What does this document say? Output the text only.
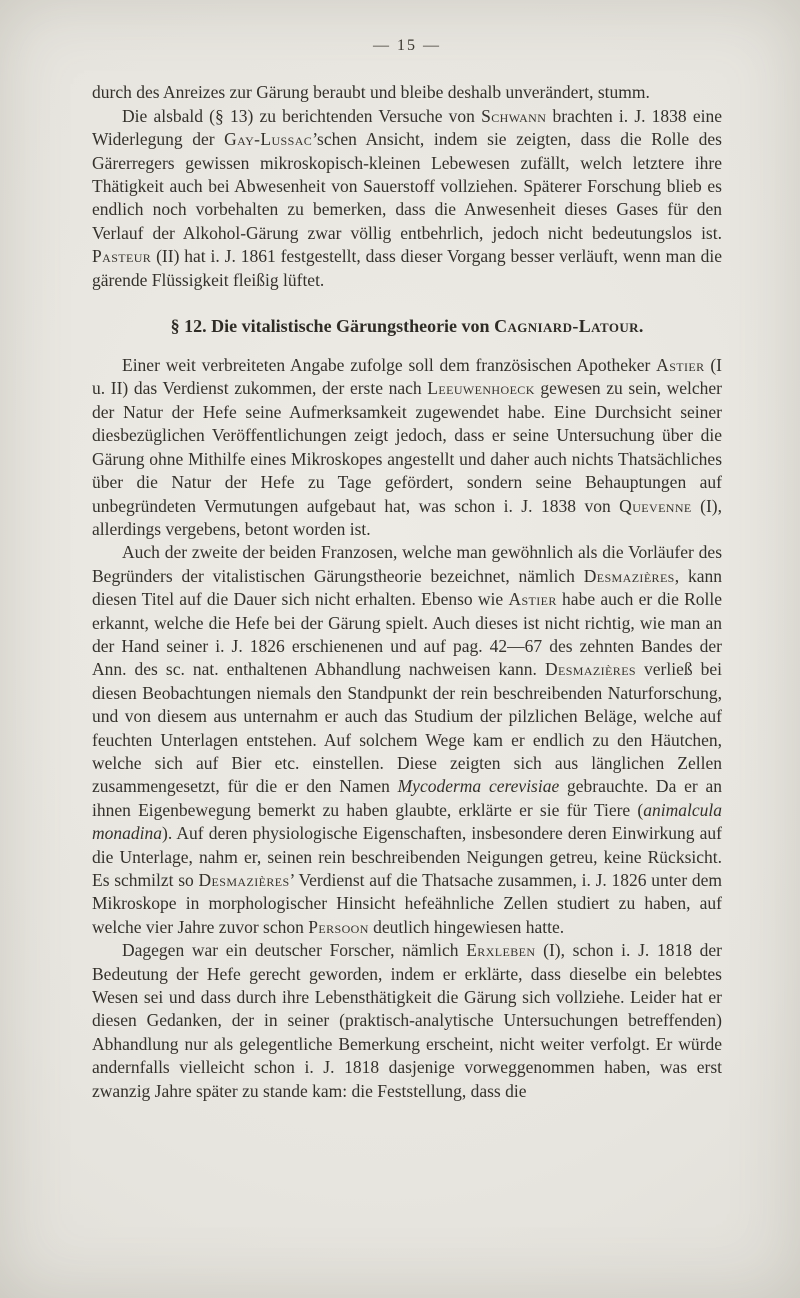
— 15 —

durch des Anreizes zur Gärung beraubt und bleibe deshalb unverändert, stumm.

Die alsbald (§ 13) zu berichtenden Versuche von Schwann brachten i. J. 1838 eine Widerlegung der Gay-Lussac’schen Ansicht, indem sie zeigten, dass die Rolle des Gärerregers gewissen mikroskopisch-kleinen Lebewesen zufällt, welch letztere ihre Thätigkeit auch bei Abwesenheit von Sauerstoff vollziehen. Späterer Forschung blieb es endlich noch vorbehalten zu bemerken, dass die Anwesenheit dieses Gases für den Verlauf der Alkohol-Gärung zwar völlig entbehrlich, jedoch nicht bedeutungslos ist. Pasteur (II) hat i. J. 1861 festgestellt, dass dieser Vorgang besser verläuft, wenn man die gärende Flüssigkeit fleißig lüftet.

§ 12. Die vitalistische Gärungstheorie von Cagniard-Latour.

Einer weit verbreiteten Angabe zufolge soll dem französischen Apotheker Astier (I u. II) das Verdienst zukommen, der erste nach Leeuwenhoeck gewesen zu sein, welcher der Natur der Hefe seine Aufmerksamkeit zugewendet habe. Eine Durchsicht seiner diesbezüglichen Veröffentlichungen zeigt jedoch, dass er seine Untersuchung über die Gärung ohne Mithilfe eines Mikroskopes angestellt und daher auch nichts Thatsächliches über die Natur der Hefe zu Tage gefördert, sondern seine Behauptungen auf unbegründeten Vermutungen aufgebaut hat, was schon i. J. 1838 von Quevenne (I), allerdings vergebens, betont worden ist.

Auch der zweite der beiden Franzosen, welche man gewöhnlich als die Vorläufer des Begründers der vitalistischen Gärungstheorie bezeichnet, nämlich Desmazières, kann diesen Titel auf die Dauer sich nicht erhalten. Ebenso wie Astier habe auch er die Rolle erkannt, welche die Hefe bei der Gärung spielt. Auch dieses ist nicht richtig, wie man an der Hand seiner i. J. 1826 erschienenen und auf pag. 42—67 des zehnten Bandes der Ann. des sc. nat. enthaltenen Abhandlung nachweisen kann. Desmazières verließ bei diesen Beobachtungen niemals den Standpunkt der rein beschreibenden Naturforschung, und von diesem aus unternahm er auch das Studium der pilzlichen Beläge, welche auf feuchten Unterlagen entstehen. Auf solchem Wege kam er endlich zu den Häutchen, welche sich auf Bier etc. einstellen. Diese zeigten sich aus länglichen Zellen zusammengesetzt, für die er den Namen Mycoderma cerevisiae gebrauchte. Da er an ihnen Eigenbewegung bemerkt zu haben glaubte, erklärte er sie für Tiere (animalcula monadina). Auf deren physiologische Eigenschaften, insbesondere deren Einwirkung auf die Unterlage, nahm er, seinen rein beschreibenden Neigungen getreu, keine Rücksicht. Es schmilzt so Desmazières’ Verdienst auf die Thatsache zusammen, i. J. 1826 unter dem Mikroskope in morphologischer Hinsicht hefeähnliche Zellen studiert zu haben, auf welche vier Jahre zuvor schon Persoon deutlich hingewiesen hatte.

Dagegen war ein deutscher Forscher, nämlich Erxleben (I), schon i. J. 1818 der Bedeutung der Hefe gerecht geworden, indem er erklärte, dass dieselbe ein belebtes Wesen sei und dass durch ihre Lebensthätigkeit die Gärung sich vollziehe. Leider hat er diesen Gedanken, der in seiner (praktisch-analytische Untersuchungen betreffenden) Abhandlung nur als gelegentliche Bemerkung erscheint, nicht weiter verfolgt. Er würde andernfalls vielleicht schon i. J. 1818 dasjenige vorweggenommen haben, was erst zwanzig Jahre später zu stande kam: die Feststellung, dass die
